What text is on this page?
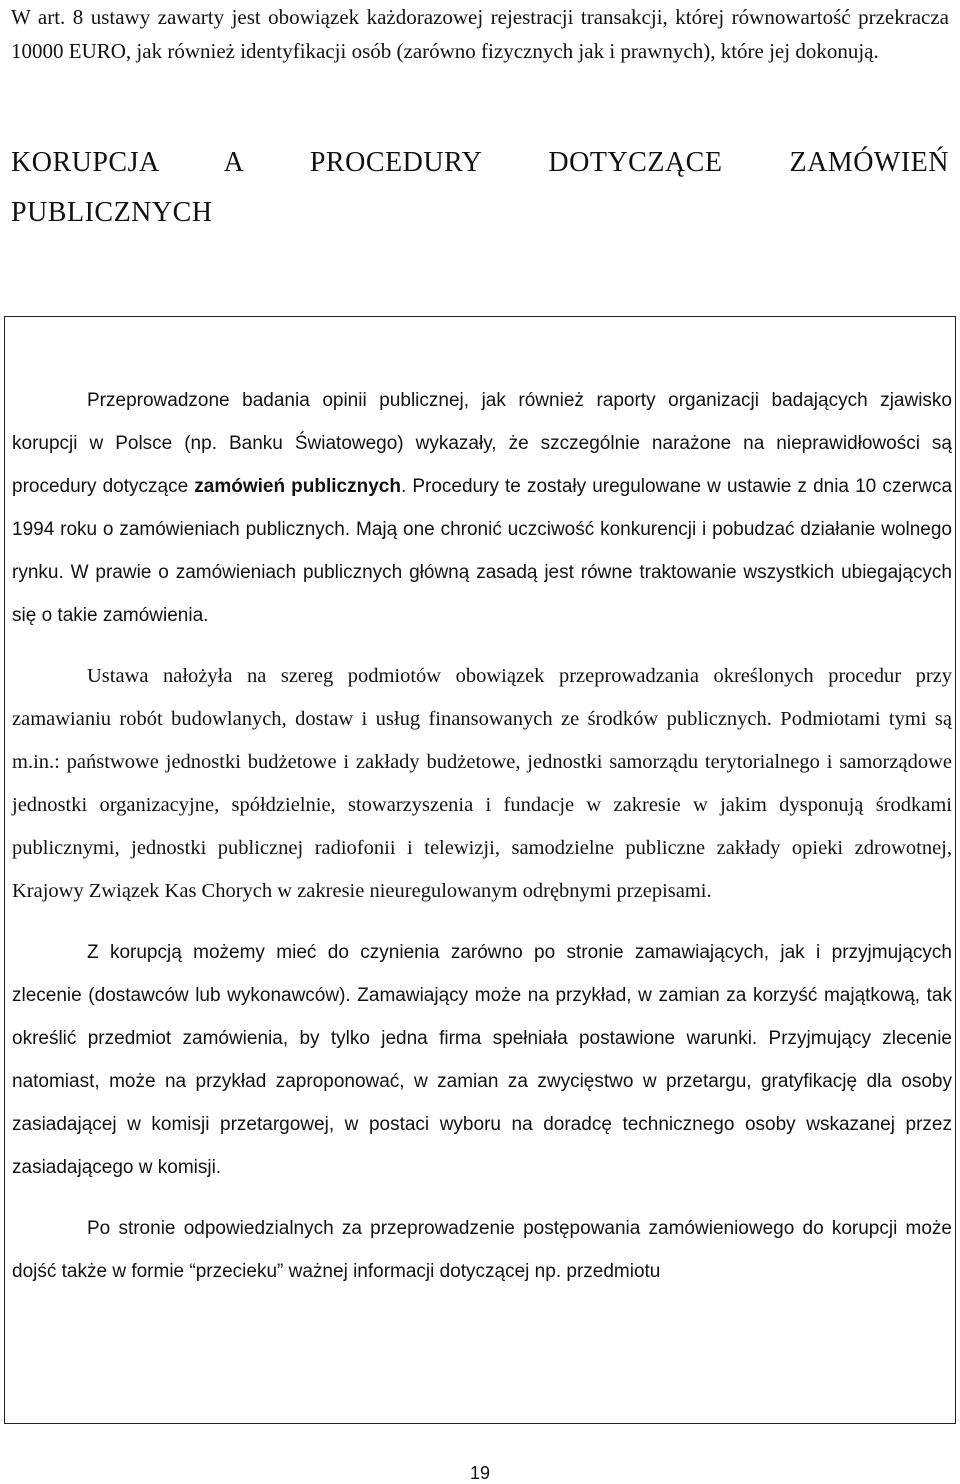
W art. 8 ustawy zawarty jest obowiązek każdorazowej rejestracji transakcji, której równowartość przekracza 10000 EURO, jak również identyfikacji osób (zarówno fizycznych jak i prawnych), które jej dokonują.

KORUPCJA A PROCEDURY DOTYCZĄCE ZAMÓWIEŃ
PUBLICZNYCH

Przeprowadzone badania opinii publicznej, jak również raporty organizacji badających zjawisko korupcji w Polsce (np. Banku Światowego) wykazały, że szczególnie narażone na nieprawidłowości są procedury dotyczące zamówień publicznych. Procedury te zostały uregulowane w ustawie z dnia 10 czerwca 1994 roku o zamówieniach publicznych. Mają one chronić uczciwość konkurencji i pobudzać działanie wolnego rynku. W prawie o zamówieniach publicznych główną zasadą jest równe traktowanie wszystkich ubiegających się o takie zamówienia.

Ustawa nałożyła na szereg podmiotów obowiązek przeprowadzania określonych procedur przy zamawianiu robót budowlanych, dostaw i usług finansowanych ze środków publicznych. Podmiotami tymi są m.in.: państwowe jednostki budżetowe i zakłady budżetowe, jednostki samorządu terytorialnego i samorządowe jednostki organizacyjne, spółdzielnie, stowarzyszenia i fundacje w zakresie w jakim dysponują środkami publicznymi, jednostki publicznej radiofonii i telewizji, samodzielne publiczne zakłady opieki zdrowotnej, Krajowy Związek Kas Chorych w zakresie nieuregulowanym odrębnymi przepisami.

Z korupcją możemy mieć do czynienia zarówno po stronie zamawiających, jak i przyjmujących zlecenie (dostawców lub wykonawców). Zamawiający może na przykład, w zamian za korzyść majątkową, tak określić przedmiot zamówienia, by tylko jedna firma spełniała postawione warunki. Przyjmujący zlecenie natomiast, może na przykład zaproponować, w zamian za zwycięstwo w przetargu, gratyfikację dla osoby zasiadającej w komisji przetargowej, w postaci wyboru na doradcę technicznego osoby wskazanej przez zasiadającego w komisji.

Po stronie odpowiedzialnych za przeprowadzenie postępowania zamówieniowego do korupcji może dojść także w formie “przecieku” ważnej informacji dotyczącej np. przedmiotu

19
